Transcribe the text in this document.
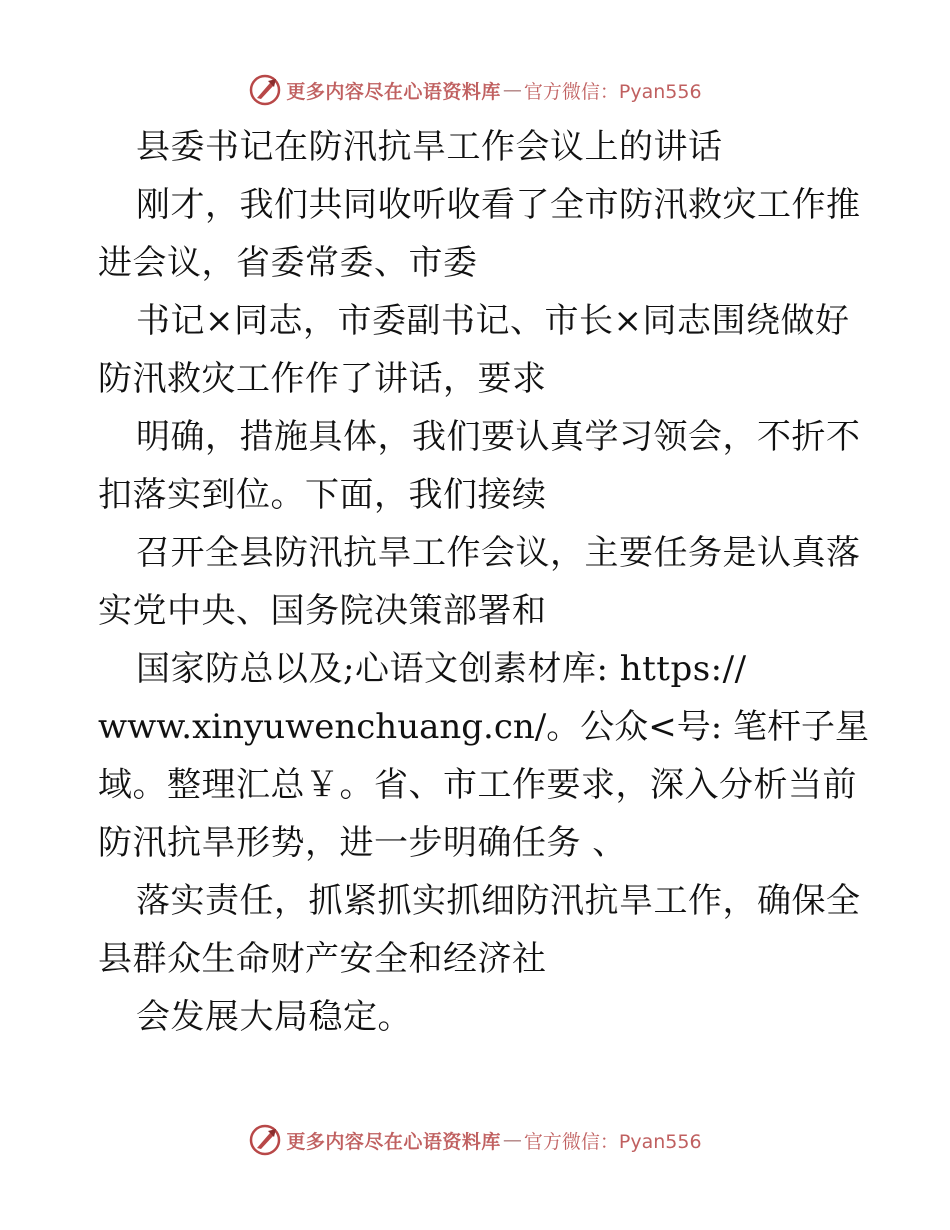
更多内容尽在心语资料库 — 官方微信：Pyan556
县委书记在防汛抗旱工作会议上的讲话
刚才，我们共同收听收看了全市防汛救灾工作推
进会议，省委常委、市委
书记×同志，市委副书记、市长×同志围绕做好
防汛救灾工作作了讲话，要求
明确，措施具体，我们要认真学习领会，不折不
扣落实到位。下面，我们接续
召开全县防汛抗旱工作会议，主要任务是认真落
实党中央、国务院决策部署和
国家防总以及;心语文创素材库: https://
www.xinyuwenchuang.cn/。公众<号: 笔杆子星
域。整理汇总￥。省、市工作要求，深入分析当前
防汛抗旱形势，进一步明确任务 、
落实责任，抓紧抓实抓细防汛抗旱工作，确保全
县群众生命财产安全和经济社
会发展大局稳定。
更多内容尽在心语资料库 — 官方微信：Pyan556
